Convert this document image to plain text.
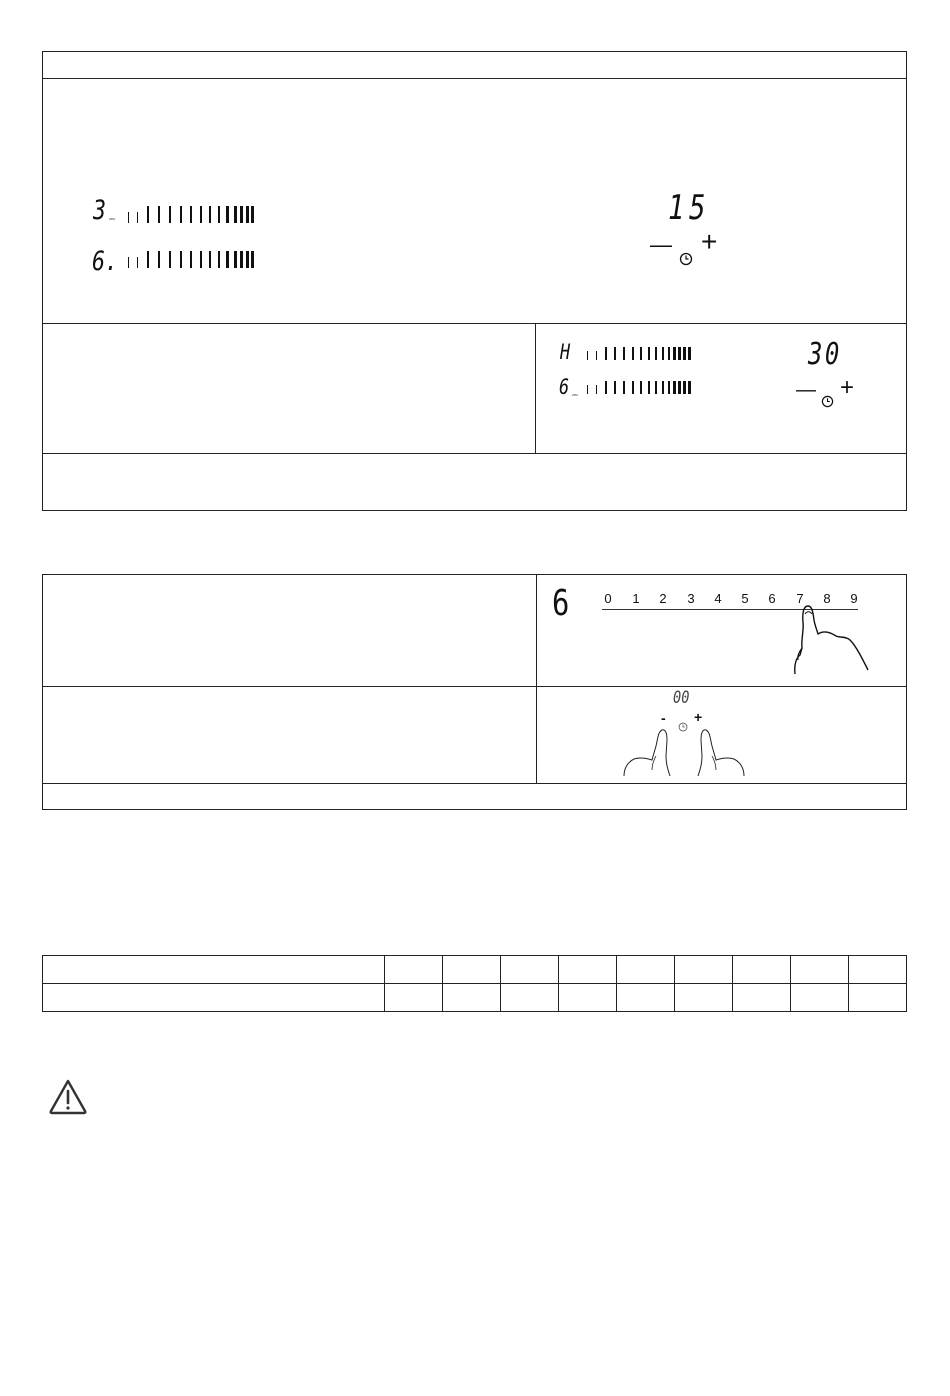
3 zec
6.
15
— +
H
6 zec
30
— +
6	0 1 2 3 4 5 6 7 8 9
00
- +
